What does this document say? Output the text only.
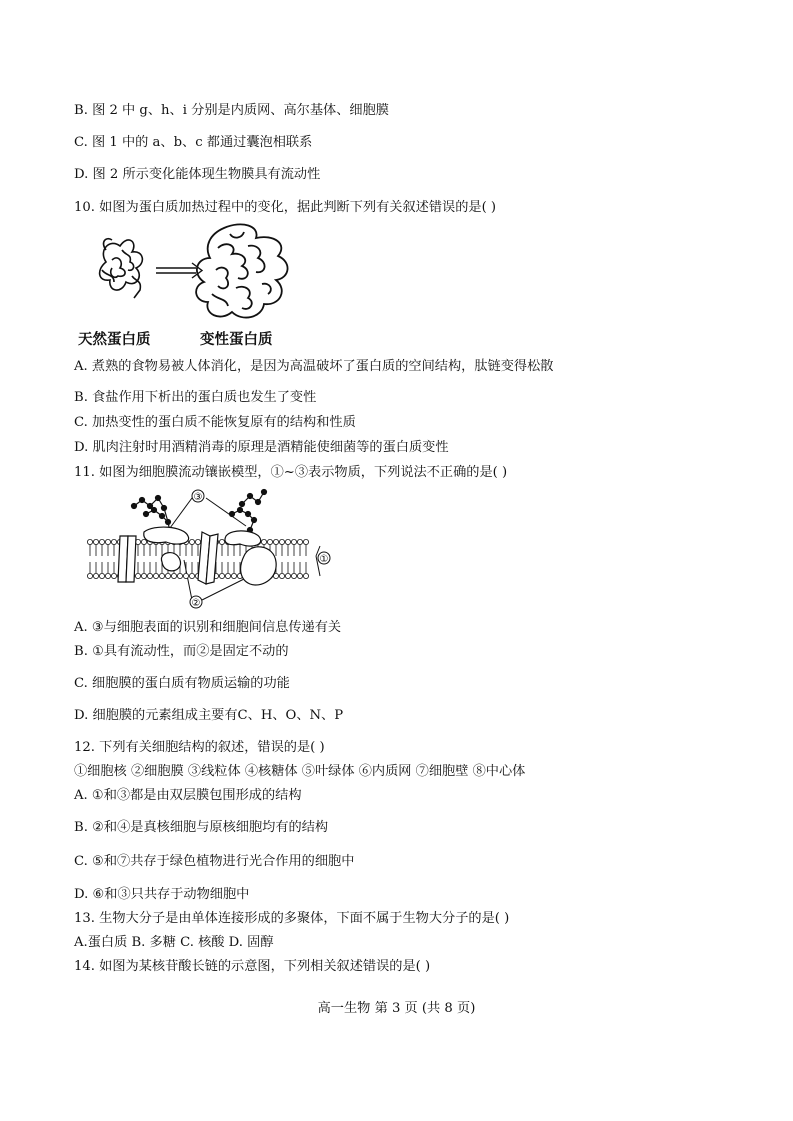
B. 图 2 中 g、h、i 分别是内质网、高尔基体、细胞膜
C. 图 1 中的 a、b、c 都通过囊泡相联系
D. 图 2 所示变化能体现生物膜具有流动性
10. 如图为蛋白质加热过程中的变化，据此判断下列有关叙述错误的是( )
天然蛋白质	变性蛋白质
A. 煮熟的食物易被人体消化，是因为高温破坏了蛋白质的空间结构，肽链变得松散
B. 食盐作用下析出的蛋白质也发生了变性
C. 加热变性的蛋白质不能恢复原有的结构和性质
D. 肌肉注射时用酒精消毒的原理是酒精能使细菌等的蛋白质变性
11. 如图为细胞膜流动镶嵌模型，①~③表示物质，下列说法不正确的是( )
③
②
①
A. ③与细胞表面的识别和细胞间信息传递有关
B. ①具有流动性，而②是固定不动的
C. 细胞膜的蛋白质有物质运输的功能
D. 细胞膜的元素组成主要有C、H、O、N、P
12. 下列有关细胞结构的叙述，错误的是( )
①细胞核 ②细胞膜 ③线粒体 ④核糖体 ⑤叶绿体 ⑥内质网 ⑦细胞壁 ⑧中心体
A. ①和③都是由双层膜包围形成的结构
B. ②和④是真核细胞与原核细胞均有的结构
C. ⑤和⑦共存于绿色植物进行光合作用的细胞中
D. ⑥和③只共存于动物细胞中
13. 生物大分子是由单体连接形成的多聚体，下面不属于生物大分子的是( )
A.蛋白质 B. 多糖 C. 核酸 D. 固醇
14. 如图为某核苷酸长链的示意图，下列相关叙述错误的是( )
高一生物 第 3 页 (共 8 页)
